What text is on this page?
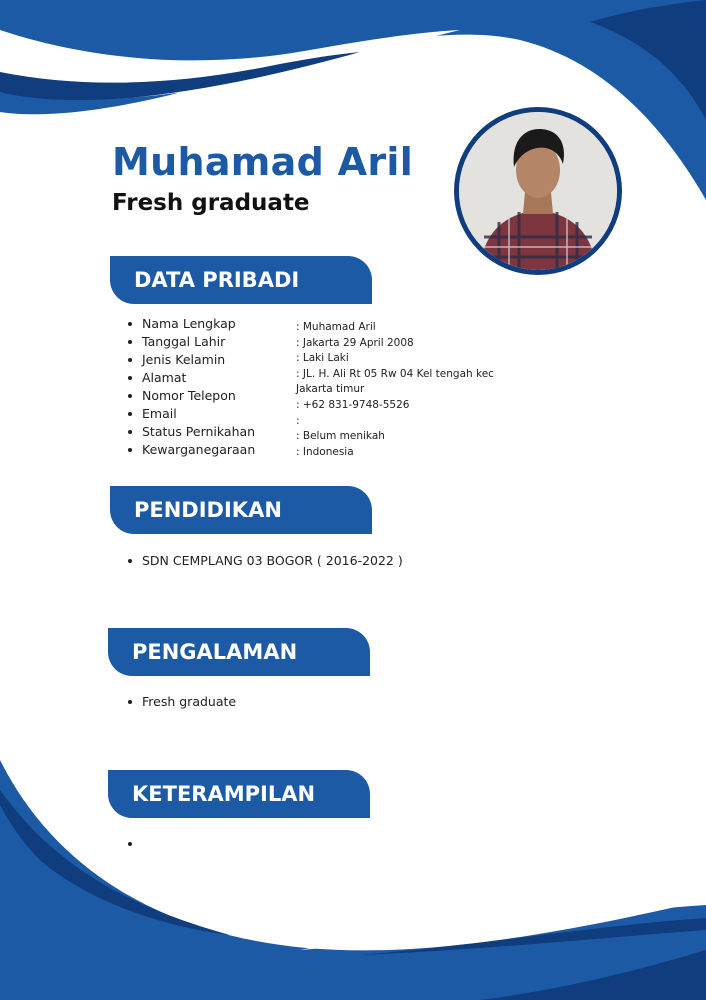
Muhamad Aril
Fresh graduate
DATA PRIBADI
Nama Lengkap
Tanggal Lahir
Jenis Kelamin
Alamat
Nomor Telepon
Email
Status Pernikahan
Kewarganegaraan
: Muhamad Aril
: Jakarta 29 April 2008
: Laki Laki
: JL. H. Ali Rt 05 Rw 04 Kel tengah kec
Jakarta timur
: +62 831-9748-5526
:
: Belum menikah
: Indonesia
PENDIDIKAN
SDN CEMPLANG 03 BOGOR ( 2016-2022 )
PENGALAMAN
Fresh graduate
KETERAMPILAN
